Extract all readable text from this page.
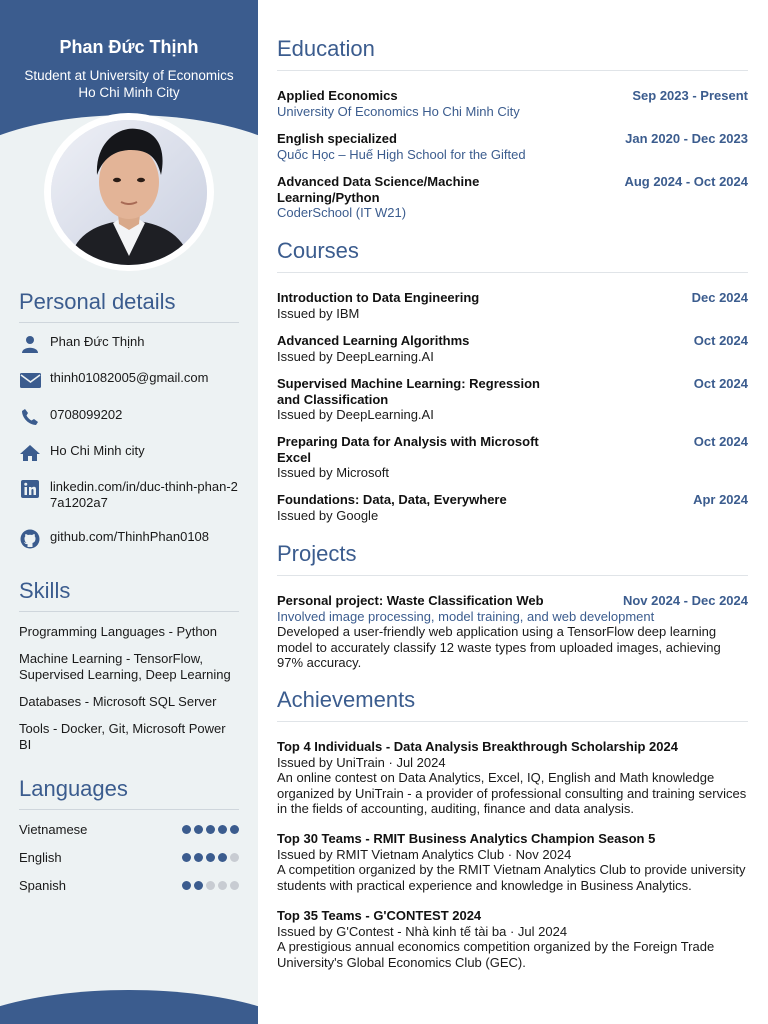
Phan Đức Thịnh
Student at University of Economics Ho Chi Minh City
Personal details
Phan Đức Thịnh
thinh01082005@gmail.com
0708099202
Ho Chi Minh city
linkedin.com/in/duc-thinh-phan-27a1202a7
github.com/ThinhPhan0108
Skills
Programming Languages - Python
Machine Learning - TensorFlow, Supervised Learning, Deep Learning
Databases - Microsoft SQL Server
Tools - Docker, Git, Microsoft Power BI
Languages
Vietnamese
English
Spanish
Education
Applied Economics	Sep 2023 - Present
University Of Economics Ho Chi Minh City
English specialized	Jan 2020 - Dec 2023
Quốc Học – Huế High School for the Gifted
Advanced Data Science/Machine Learning/Python
Aug 2024 - Oct 2024
CoderSchool (IT W21)
Courses
Introduction to Data Engineering	Dec 2024
Issued by IBM
Advanced Learning Algorithms	Oct 2024
Issued by DeepLearning.AI
Supervised Machine Learning: Regression and Classification
Oct 2024
Issued by DeepLearning.AI
Preparing Data for Analysis with Microsoft Excel
Oct 2024
Issued by Microsoft
Foundations: Data, Data, Everywhere	Apr 2024
Issued by Google
Projects
Personal project: Waste Classification Web	Nov 2024 - Dec 2024
Involved image processing, model training, and web development
Developed a user-friendly web application using a TensorFlow deep learning model to accurately classify 12 waste types from uploaded images, achieving 97% accuracy.
Achievements
Top 4 Individuals - Data Analysis Breakthrough Scholarship 2024
Issued by UniTrain · Jul 2024
An online contest on Data Analytics, Excel, IQ, English and Math knowledge organized by UniTrain - a provider of professional consulting and training services in the fields of accounting, auditing, finance and data analysis.
Top 30 Teams - RMIT Business Analytics Champion Season 5
Issued by RMIT Vietnam Analytics Club · Nov 2024
A competition organized by the RMIT Vietnam Analytics Club to provide university students with practical experience and knowledge in Business Analytics.
Top 35 Teams - G'CONTEST 2024
Issued by G'Contest - Nhà kinh tế tài ba · Jul 2024
A prestigious annual economics competition organized by the Foreign Trade University's Global Economics Club (GEC).
